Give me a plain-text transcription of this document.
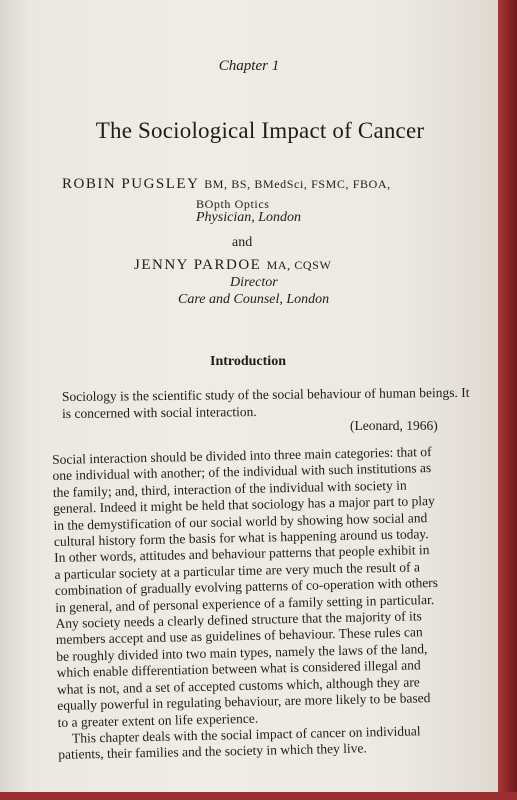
Chapter 1
The Sociological Impact of Cancer
ROBIN PUGSLEY BM, BS, BMedSci, FSMC, FBOA,
BOpth Optics
Physician, London
and
JENNY PARDOE MA, CQSW
Director
Care and Counsel, London
Introduction
Sociology is the scientific study of the social behaviour of human beings. It
is concerned with social interaction.
(Leonard, 1966)
Social interaction should be divided into three main categories: that of
one individual with another; of the individual with such institutions as
the family; and, third, interaction of the individual with society in
general. Indeed it might be held that sociology has a major part to play
in the demystification of our social world by showing how social and
cultural history form the basis for what is happening around us today.
In other words, attitudes and behaviour patterns that people exhibit in
a particular society at a particular time are very much the result of a
combination of gradually evolving patterns of co-operation with others
in general, and of personal experience of a family setting in particular.
Any society needs a clearly defined structure that the majority of its
members accept and use as guidelines of behaviour. These rules can
be roughly divided into two main types, namely the laws of the land,
which enable differentiation between what is considered illegal and
what is not, and a set of accepted customs which, although they are
equally powerful in regulating behaviour, are more likely to be based
to a greater extent on life experience.
This chapter deals with the social impact of cancer on individual
patients, their families and the society in which they live.
